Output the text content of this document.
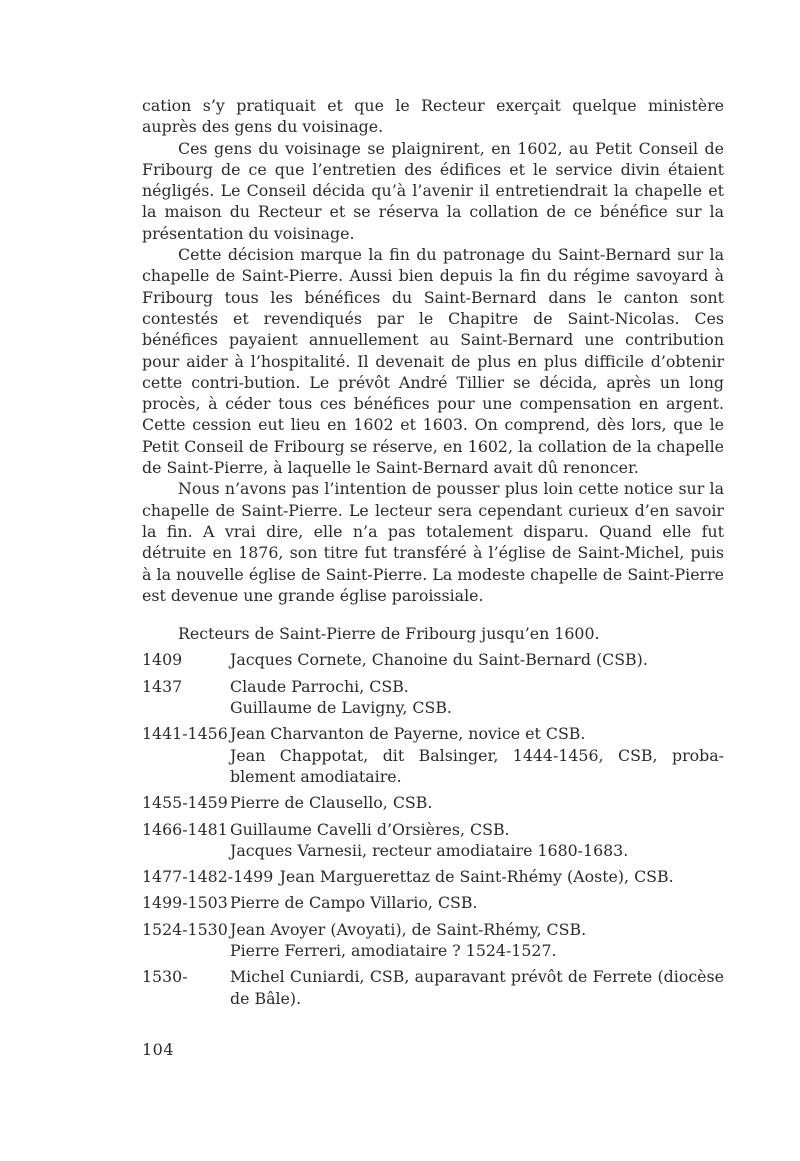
cation s’y pratiquait et que le Recteur exerçait quelque ministère auprès des gens du voisinage.

Ces gens du voisinage se plaignirent, en 1602, au Petit Conseil de Fribourg de ce que l’entretien des édifices et le service divin étaient négligés. Le Conseil décida qu’à l’avenir il entretiendrait la chapelle et la maison du Recteur et se réserva la collation de ce bénéfice sur la présentation du voisinage.

Cette décision marque la fin du patronage du Saint-Bernard sur la chapelle de Saint-Pierre. Aussi bien depuis la fin du régime savoyard à Fribourg tous les bénéfices du Saint-Bernard dans le canton sont contestés et revendiqués par le Chapitre de Saint-Nicolas. Ces bénéfices payaient annuellement au Saint-Bernard une contribution pour aider à l’hospitalité. Il devenait de plus en plus difficile d’obtenir cette contri-bution. Le prévôt André Tillier se décida, après un long procès, à céder tous ces bénéfices pour une compensation en argent. Cette cession eut lieu en 1602 et 1603. On comprend, dès lors, que le Petit Conseil de Fribourg se réserve, en 1602, la collation de la chapelle de Saint-Pierre, à laquelle le Saint-Bernard avait dû renoncer.

Nous n’avons pas l’intention de pousser plus loin cette notice sur la chapelle de Saint-Pierre. Le lecteur sera cependant curieux d’en savoir la fin. A vrai dire, elle n’a pas totalement disparu. Quand elle fut détruite en 1876, son titre fut transféré à l’église de Saint-Michel, puis à la nouvelle église de Saint-Pierre. La modeste chapelle de Saint-Pierre est devenue une grande église paroissiale.

Recteurs de Saint-Pierre de Fribourg jusqu’en 1600.
1409	Jacques Cornete, Chanoine du Saint-Bernard (CSB).
1437	Claude Parrochi, CSB.
Guillaume de Lavigny, CSB.
1441-1456 Jean Charvanton de Payerne, novice et CSB.
Jean Chappotat, dit Balsinger, 1444-1456, CSB, proba-blement amodiataire.
1455-1459 Pierre de Clausello, CSB.
1466-1481 Guillaume Cavelli d’Orsières, CSB.
Jacques Varnesii, recteur amodiataire 1680-1683.
1477-1482-1499 Jean Marguerettaz de Saint-Rhémy (Aoste), CSB.
1499-1503 Pierre de Campo Villario, CSB.
1524-1530 Jean Avoyer (Avoyati), de Saint-Rhémy, CSB.
Pierre Ferreri, amodiataire ? 1524-1527.
1530-	Michel Cuniardi, CSB, auparavant prévôt de Ferrete (diocèse de Bâle).
104
